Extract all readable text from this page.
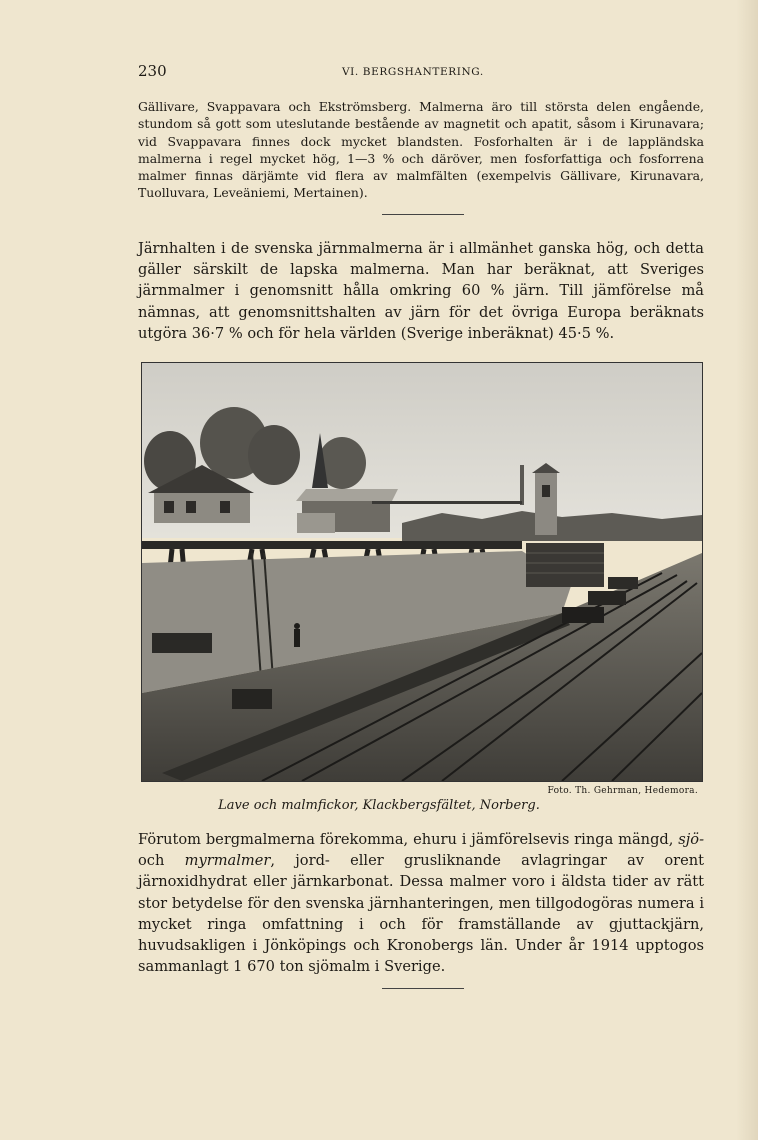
230	VI. BERGSHANTERING.

Gällivare, Svappavara och Ekströmsberg. Malmerna äro till största delen engående, stundom så gott som uteslutande bestående av magnetit och apatit, såsom i Kirunavara; vid Svappavara finnes dock mycket blandsten. Fosforhalten är i de lappländska malmerna i regel mycket hög, 1—3 % och däröver, men fosforfattiga och fosforrena malmer finnas därjämte vid flera av malmfälten (exempelvis Gällivare, Kirunavara, Tuolluvara, Leveäniemi, Mertainen).

Järnhalten i de svenska järnmalmerna är i allmänhet ganska hög, och detta gäller särskilt de lapska malmerna. Man har beräknat, att Sveriges järnmalmer i genomsnitt hålla omkring 60 % järn. Till jämförelse må nämnas, att genomsnittshalten av järn för det övriga Europa beräknats utgöra 36·7 % och för hela världen (Sverige inberäknat) 45·5 %.

Foto. Th. Gehrman, Hedemora.
Lave och malmfickor, Klackbergsfältet, Norberg.

Förutom bergmalmerna förekomma, ehuru i jämförelsevis ringa mängd, sjö- och myrmalmer, jord- eller grusliknande avlagringar av orent järnoxidhydrat eller järnkarbonat. Dessa malmer voro i äldsta tider av rätt stor betydelse för den svenska järnhanteringen, men tillgodogöras numera i mycket ringa omfattning i och för framställande av gjuttackjärn, huvudsakligen i Jönköpings och Kronobergs län. Under år 1914 upptogos sammanlagt 1 670 ton sjömalm i Sverige.
